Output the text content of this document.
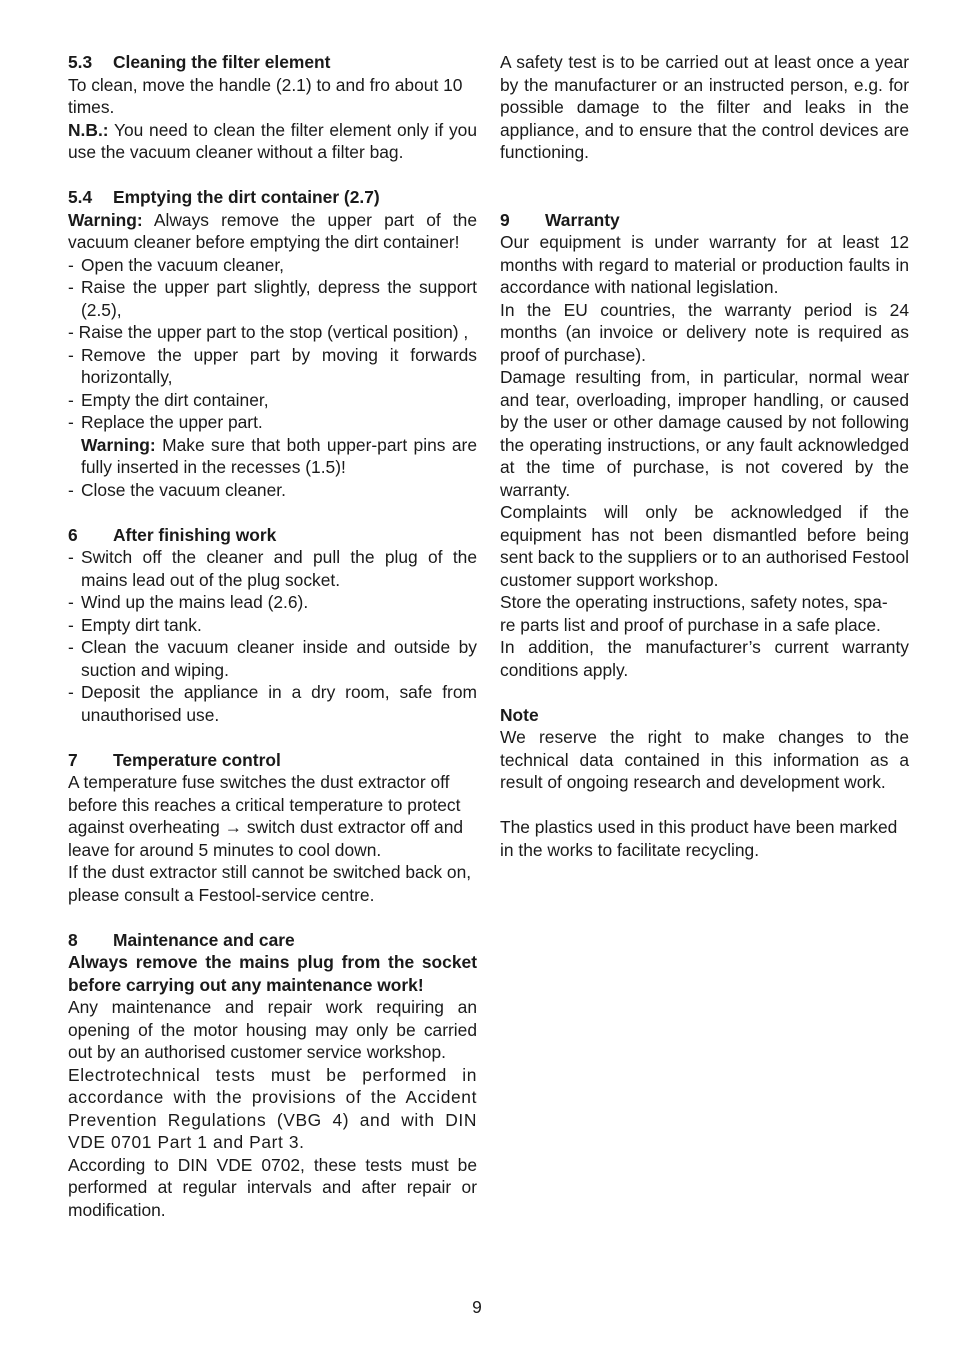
5.3 Cleaning the filter element

To clean, move the handle (2.1) to and fro about 10 times.

N.B.: You need to clean the filter element only if you use the vacuum cleaner without a filter bag.

5.4 Emptying the dirt container (2.7)

Warning: Always remove the upper part of the vacuum cleaner before emptying the dirt container!

- Open the vacuum cleaner,
- Raise the upper part slightly, depress the support (2.5),
- Raise the upper part to the stop (vertical position) ,
- Remove the upper part by moving it forwards horizontally,
- Empty the dirt container,
- Replace the upper part.

Warning: Make sure that both upper-part pins are fully inserted in the recesses (1.5)!

- Close the vacuum cleaner.

6 After finishing work

- Switch off the cleaner and pull the plug of the mains lead out of the plug socket.
- Wind up the mains lead (2.6).
- Empty dirt tank.
- Clean the vacuum cleaner inside and outside by suction and wiping.
- Deposit the appliance in a dry room, safe from unauthorised use.

7 Temperature control

A temperature fuse switches the dust extractor off before this reaches a critical temperature to protect against overheating → switch dust extractor off and leave for around 5 minutes to cool down.

If the dust extractor still cannot be switched back on, please consult a Festool-service centre.

8 Maintenance and care

Always remove the mains plug from the socket before carrying out any maintenance work!

Any maintenance and repair work requiring an opening of the motor housing may only be carried out by an authorised customer service workshop.

Electrotechnical tests must be performed in accordance with the provisions of the Accident Prevention Regulations (VBG 4) and with DIN VDE 0701 Part 1 and Part 3.

According to DIN VDE 0702, these tests must be performed at regular intervals and after repair or modification.

A safety test is to be carried out at least once a year by the manufacturer or an instructed person, e.g. for possible damage to the filter and leaks in the appliance, and to ensure that the control devices are functioning.

9 Warranty

Our equipment is under warranty for at least 12 months with regard to material or production faults in accordance with national legislation.

In the EU countries, the warranty period is 24 months (an invoice or delivery note is required as proof of purchase).

Damage resulting from, in particular, normal wear and tear, overloading, improper handling, or caused by the user or other damage caused by not following the operating instructions, or any fault acknowledged at the time of purchase, is not covered by the warranty.

Complaints will only be acknowledged if the equipment has not been dismantled before being sent back to the suppliers or to an authorised Festool customer support workshop.

Store the operating instructions, safety notes, spa-
re parts list and proof of purchase in a safe place.

In addition, the manufacturer’s current warranty conditions apply.

Note

We reserve the right to make changes to the technical data contained in this information as a result of ongoing research and development work.

The plastics used in this product have been marked in the works to facilitate recycling.

9
